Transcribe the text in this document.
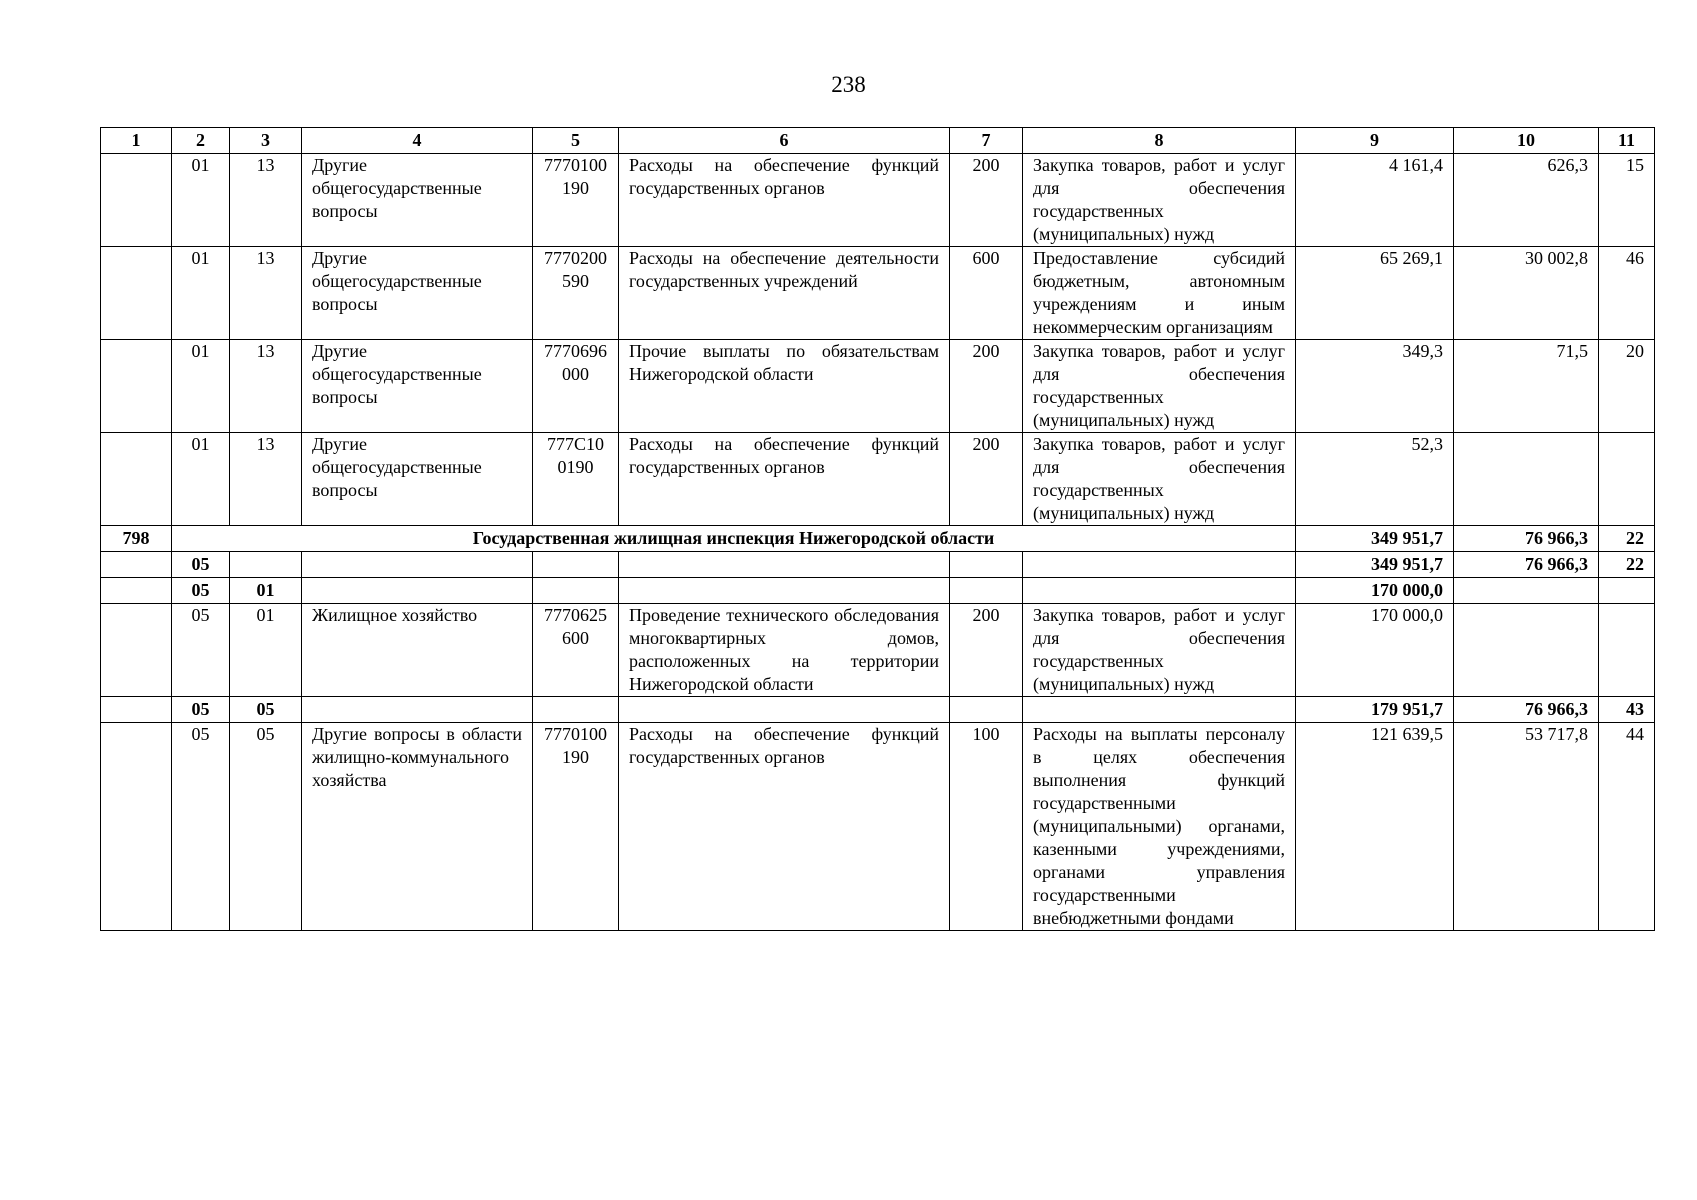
238
1	2	3	4	5	6	7	8	9	10	11
	01	13	Другие общегосударственные вопросы	7770100190	Расходы на обеспечение функций государственных органов	200	Закупка товаров, работ и услуг для обеспечения государственных (муниципальных) нужд	4 161,4	626,3	15
	01	13	Другие общегосударственные вопросы	7770200590	Расходы на обеспечение деятельности государственных учреждений	600	Предоставление субсидий бюджетным, автономным учреждениям и иным некоммерческим организациям	65 269,1	30 002,8	46
	01	13	Другие общегосударственные вопросы	7770696000	Прочие выплаты по обязательствам Нижегородской области	200	Закупка товаров, работ и услуг для обеспечения государственных (муниципальных) нужд	349,3	71,5	20
	01	13	Другие общегосударственные вопросы	777С100190	Расходы на обеспечение функций государственных органов	200	Закупка товаров, работ и услуг для обеспечения государственных (муниципальных) нужд	52,3		
798	Государственная жилищная инспекция Нижегородской области							349 951,7	76 966,3	22
	05							349 951,7	76 966,3	22
	05	01						170 000,0		
	05	01	Жилищное хозяйство	7770625600	Проведение технического обследования многоквартирных домов, расположенных на территории Нижегородской области	200	Закупка товаров, работ и услуг для обеспечения государственных (муниципальных) нужд	170 000,0		
	05	05						179 951,7	76 966,3	43
	05	05	Другие вопросы в области жилищно-коммунального хозяйства	7770100190	Расходы на обеспечение функций государственных органов	100	Расходы на выплаты персоналу в целях обеспечения выполнения функций государственными (муниципальными) органами, казенными учреждениями, органами управления государственными внебюджетными фондами	121 639,5	53 717,8	44
